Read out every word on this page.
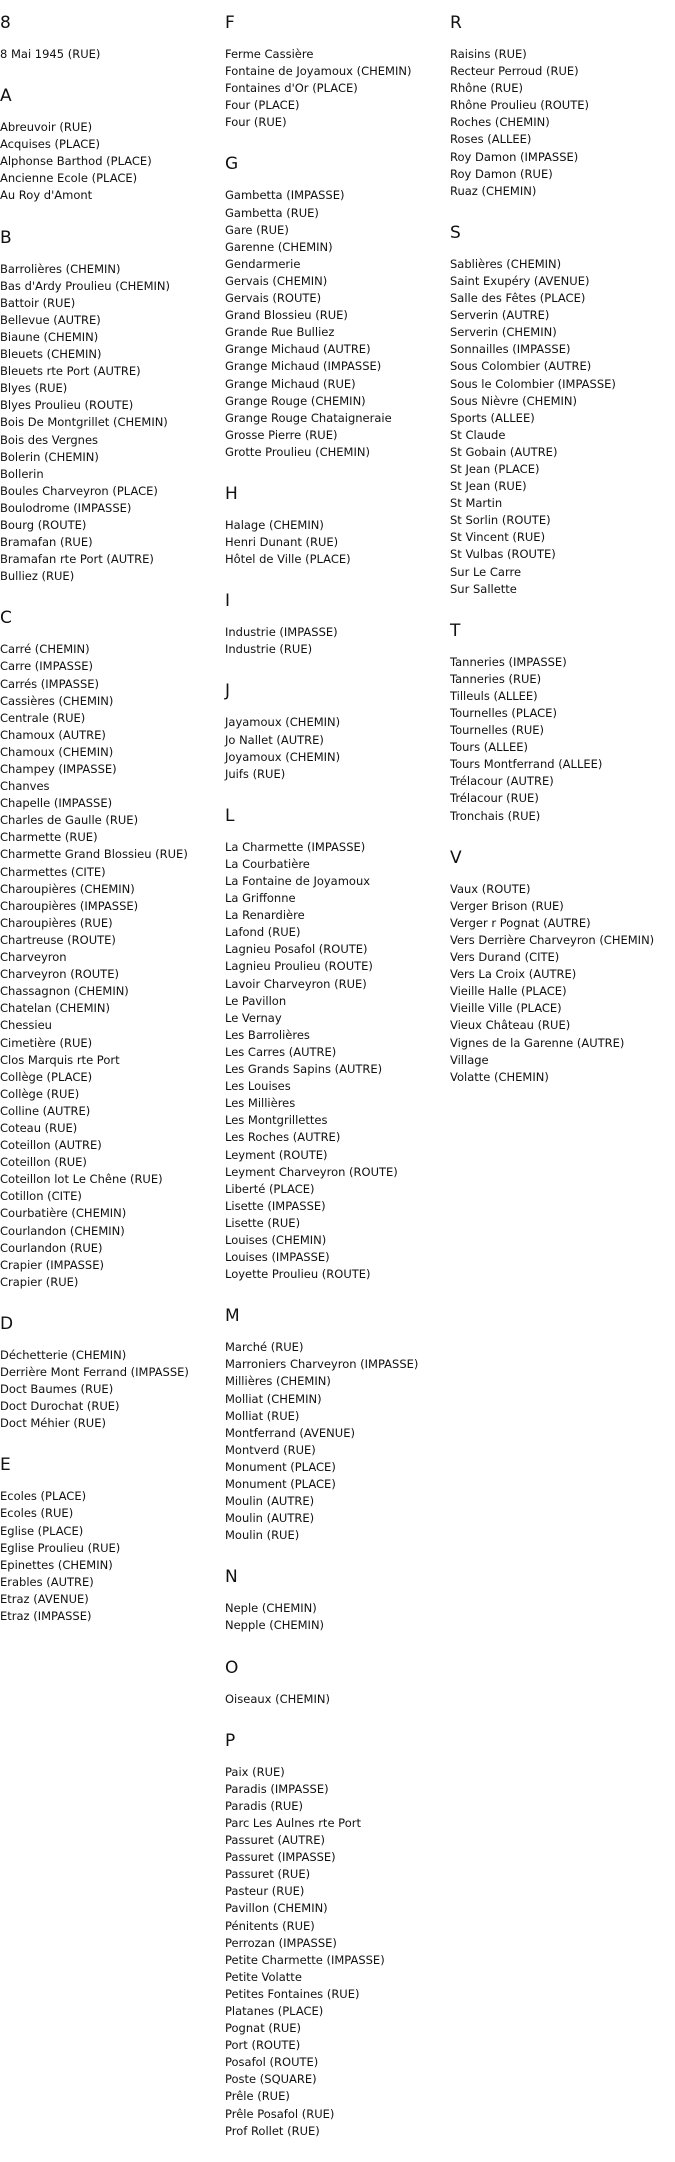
8
8 Mai 1945 (RUE)
A
Abreuvoir (RUE)
Acquises (PLACE)
Alphonse Barthod (PLACE)
Ancienne Ecole (PLACE)
Au Roy d'Amont
B
Barrolières (CHEMIN)
Bas d'Ardy Proulieu (CHEMIN)
Battoir (RUE)
Bellevue (AUTRE)
Biaune (CHEMIN)
Bleuets (CHEMIN)
Bleuets rte Port (AUTRE)
Blyes (RUE)
Blyes Proulieu (ROUTE)
Bois De Montgrillet (CHEMIN)
Bois des Vergnes
Bolerin (CHEMIN)
Bollerin
Boules Charveyron (PLACE)
Boulodrome (IMPASSE)
Bourg (ROUTE)
Bramafan (RUE)
Bramafan rte Port (AUTRE)
Bulliez (RUE)
C
Carré (CHEMIN)
Carre (IMPASSE)
Carrés (IMPASSE)
Cassières (CHEMIN)
Centrale (RUE)
Chamoux (AUTRE)
Chamoux (CHEMIN)
Champey (IMPASSE)
Chanves
Chapelle (IMPASSE)
Charles de Gaulle (RUE)
Charmette (RUE)
Charmette Grand Blossieu (RUE)
Charmettes (CITE)
Charoupières (CHEMIN)
Charoupières (IMPASSE)
Charoupières (RUE)
Chartreuse (ROUTE)
Charveyron
Charveyron (ROUTE)
Chassagnon (CHEMIN)
Chatelan (CHEMIN)
Chessieu
Cimetière (RUE)
Clos Marquis rte Port
Collège (PLACE)
Collège (RUE)
Colline (AUTRE)
Coteau (RUE)
Coteillon (AUTRE)
Coteillon (RUE)
Coteillon lot Le Chêne (RUE)
Cotillon (CITE)
Courbatière (CHEMIN)
Courlandon (CHEMIN)
Courlandon (RUE)
Crapier (IMPASSE)
Crapier (RUE)
D
Déchetterie (CHEMIN)
Derrière Mont Ferrand (IMPASSE)
Doct Baumes (RUE)
Doct Durochat (RUE)
Doct Méhier (RUE)
E
Ecoles (PLACE)
Ecoles (RUE)
Eglise (PLACE)
Eglise Proulieu (RUE)
Epinettes (CHEMIN)
Erables (AUTRE)
Etraz (AVENUE)
Etraz (IMPASSE)
F
Ferme Cassière
Fontaine de Joyamoux (CHEMIN)
Fontaines d'Or (PLACE)
Four (PLACE)
Four (RUE)
G
Gambetta (IMPASSE)
Gambetta (RUE)
Gare (RUE)
Garenne (CHEMIN)
Gendarmerie
Gervais (CHEMIN)
Gervais (ROUTE)
Grand Blossieu (RUE)
Grande Rue Bulliez
Grange Michaud (AUTRE)
Grange Michaud (IMPASSE)
Grange Michaud (RUE)
Grange Rouge (CHEMIN)
Grange Rouge Chataigneraie
Grosse Pierre (RUE)
Grotte Proulieu (CHEMIN)
H
Halage (CHEMIN)
Henri Dunant (RUE)
Hôtel de Ville (PLACE)
I
Industrie (IMPASSE)
Industrie (RUE)
J
Jayamoux (CHEMIN)
Jo Nallet (AUTRE)
Joyamoux (CHEMIN)
Juifs (RUE)
L
La Charmette (IMPASSE)
La Courbatière
La Fontaine de Joyamoux
La Griffonne
La Renardière
Lafond (RUE)
Lagnieu Posafol (ROUTE)
Lagnieu Proulieu (ROUTE)
Lavoir Charveyron (RUE)
Le Pavillon
Le Vernay
Les Barrolières
Les Carres (AUTRE)
Les Grands Sapins (AUTRE)
Les Louises
Les Millières
Les Montgrillettes
Les Roches (AUTRE)
Leyment (ROUTE)
Leyment Charveyron (ROUTE)
Liberté (PLACE)
Lisette (IMPASSE)
Lisette (RUE)
Louises (CHEMIN)
Louises (IMPASSE)
Loyette Proulieu (ROUTE)
M
Marché (RUE)
Marroniers Charveyron (IMPASSE)
Millières (CHEMIN)
Molliat (CHEMIN)
Molliat (RUE)
Montferrand (AVENUE)
Montverd (RUE)
Monument (PLACE)
Monument (PLACE)
Moulin (AUTRE)
Moulin (AUTRE)
Moulin (RUE)
N
Neple (CHEMIN)
Nepple (CHEMIN)
O
Oiseaux (CHEMIN)
P
Paix (RUE)
Paradis (IMPASSE)
Paradis (RUE)
Parc Les Aulnes rte Port
Passuret (AUTRE)
Passuret (IMPASSE)
Passuret (RUE)
Pasteur (RUE)
Pavillon (CHEMIN)
Pénitents (RUE)
Perrozan (IMPASSE)
Petite Charmette (IMPASSE)
Petite Volatte
Petites Fontaines (RUE)
Platanes (PLACE)
Pognat (RUE)
Port (ROUTE)
Posafol (ROUTE)
Poste (SQUARE)
Prêle (RUE)
Prêle Posafol (RUE)
Prof Rollet (RUE)
R
Raisins (RUE)
Recteur Perroud (RUE)
Rhône (RUE)
Rhône Proulieu (ROUTE)
Roches (CHEMIN)
Roses (ALLEE)
Roy Damon (IMPASSE)
Roy Damon (RUE)
Ruaz (CHEMIN)
S
Sablières (CHEMIN)
Saint Exupéry (AVENUE)
Salle des Fêtes (PLACE)
Serverin (AUTRE)
Serverin (CHEMIN)
Sonnailles (IMPASSE)
Sous Colombier (AUTRE)
Sous le Colombier (IMPASSE)
Sous Nièvre (CHEMIN)
Sports (ALLEE)
St Claude
St Gobain (AUTRE)
St Jean (PLACE)
St Jean (RUE)
St Martin
St Sorlin (ROUTE)
St Vincent (RUE)
St Vulbas (ROUTE)
Sur Le Carre
Sur Sallette
T
Tanneries (IMPASSE)
Tanneries (RUE)
Tilleuls (ALLEE)
Tournelles (PLACE)
Tournelles (RUE)
Tours (ALLEE)
Tours Montferrand (ALLEE)
Trélacour (AUTRE)
Trélacour (RUE)
Tronchais (RUE)
V
Vaux (ROUTE)
Verger Brison (RUE)
Verger r Pognat (AUTRE)
Vers Derrière Charveyron (CHEMIN)
Vers Durand (CITE)
Vers La Croix (AUTRE)
Vieille Halle (PLACE)
Vieille Ville (PLACE)
Vieux Château (RUE)
Vignes de la Garenne (AUTRE)
Village
Volatte (CHEMIN)
